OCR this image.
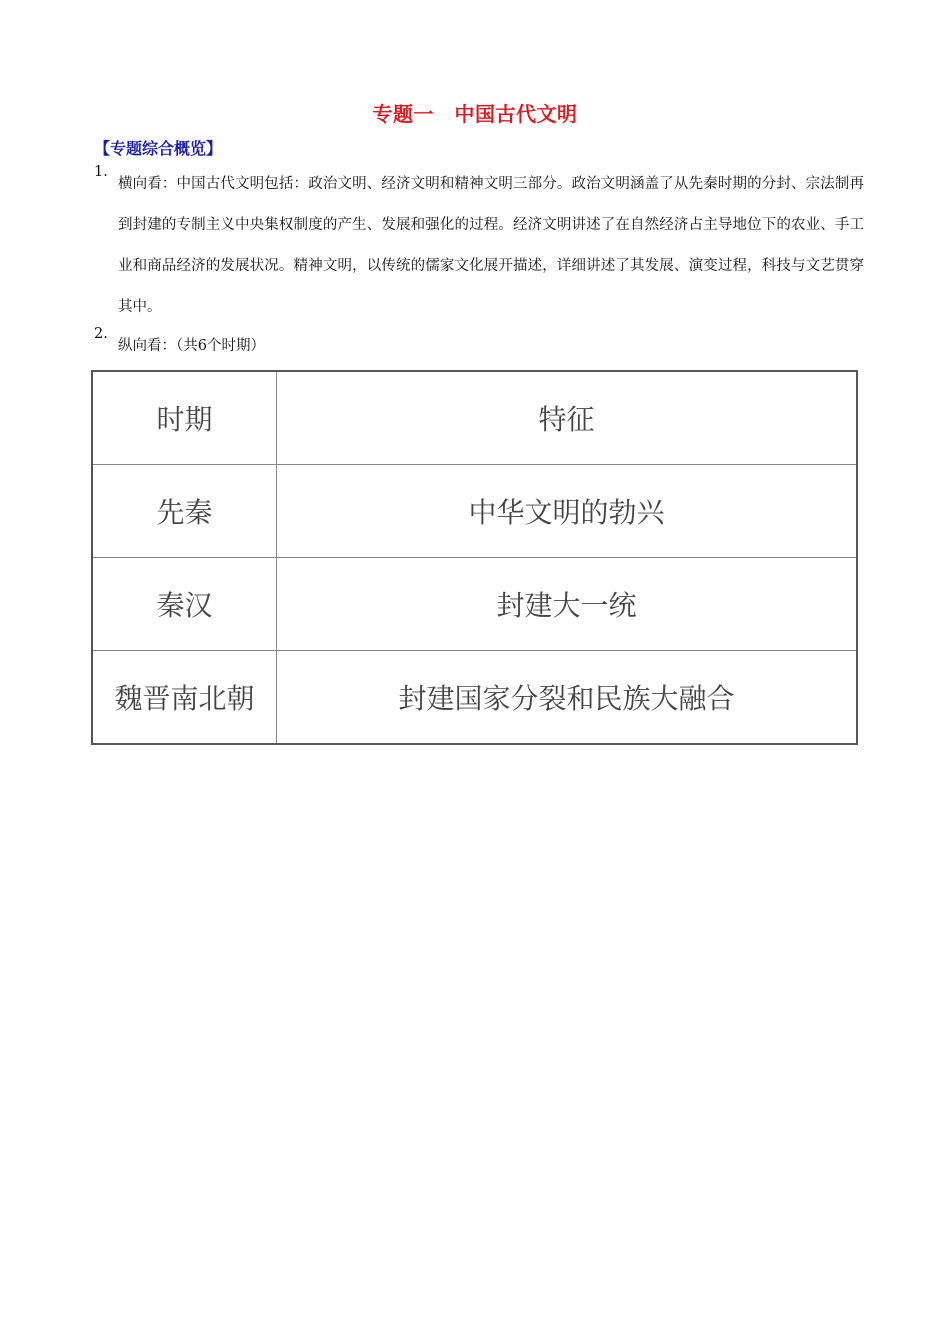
专题一　中国古代文明
【专题综合概览】
1.
横向看：中国古代文明包括：政治文明、经济文明和精神文明三部分。政治文明涵盖了从先秦时期的分封、宗法制再到封建的专制主义中央集权制度的产生、发展和强化的过程。经济文明讲述了在自然经济占主导地位下的农业、手工业和商品经济的发展状况。精神文明，以传统的儒家文化展开描述，详细讲述了其发展、演变过程，科技与文艺贯穿其中。
2.
纵向看：（共6个时期）
时期	特征
先秦	中华文明的勃兴
秦汉	封建大一统
魏晋南北朝	封建国家分裂和民族大融合
